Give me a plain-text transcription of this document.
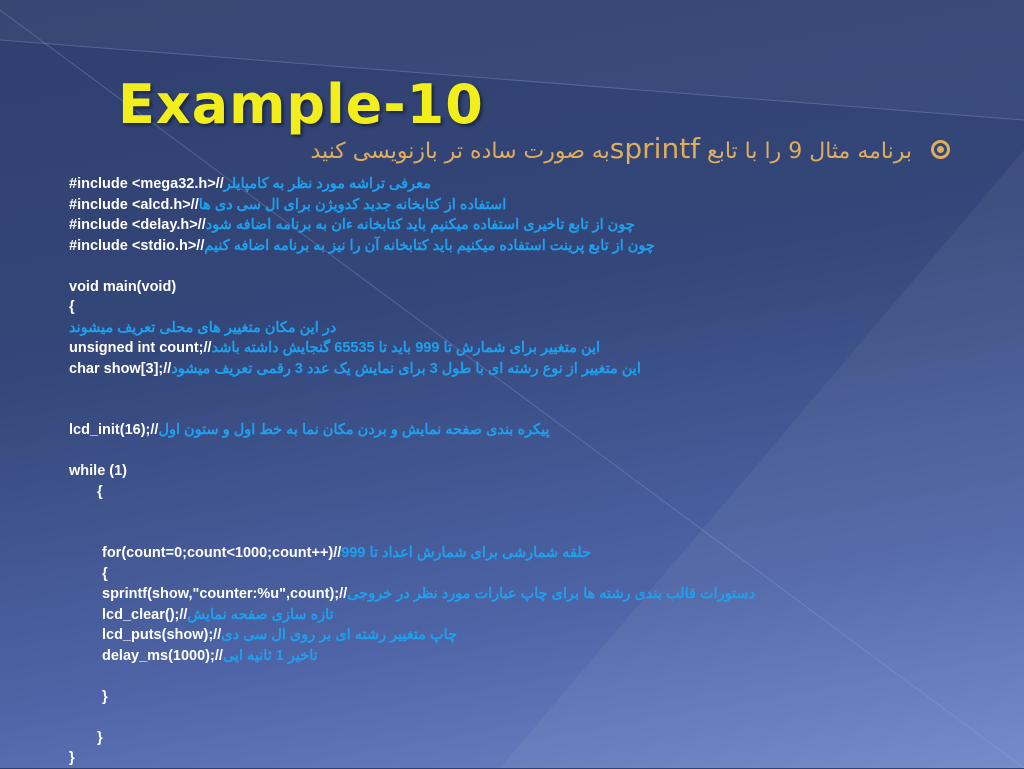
Example-10
برنامه مثال 9 را با تابع sprintfبه صورت ساده تر بازنویسی کنید
#include <mega32.h>//معرفی تراشه مورد نظر به کامپایلر
#include <alcd.h>//استفاده از کتابخانه جدید کدویژن برای ال سی دی ها
#include <delay.h>//چون از تابع تاخیری استفاده میکنیم باید کتابخانه ءان به برنامه اضافه شود
#include <stdio.h>//چون از تابع پرینت استفاده میکنیم باید کتابخانه آن را نیز به برنامه اضافه کنیم
void main(void)
{
در این مکان متغییر های محلی تعریف میشوند
unsigned int count;//این متغییر برای شمارش تا 999 باید تا 65535 گنجایش داشته باشد
char show[3];//این متغییر از نوع رشته ای با طول 3 برای نمایش یک عدد 3 رقمی تعریف میشود
lcd_init(16);//پیکره بندی صفحه نمایش و بردن مکان نما به خط اول و ستون اول
while (1)
{
for(count=0;count<1000;count++)//حلقه شمارشی برای شمارش اعداد تا 999
{
sprintf(show,"counter:%u",count);//دستورات قالب بندی رشته ها برای چاپ عبارات مورد نظر در خروجی
lcd_clear();//تازه سازی صفحه نمایش
lcd_puts(show);//چاپ متغییر رشته ای بر روی ال سی دی
delay_ms(1000);//تاخیر 1 ثانیه ایی
}
}
}
